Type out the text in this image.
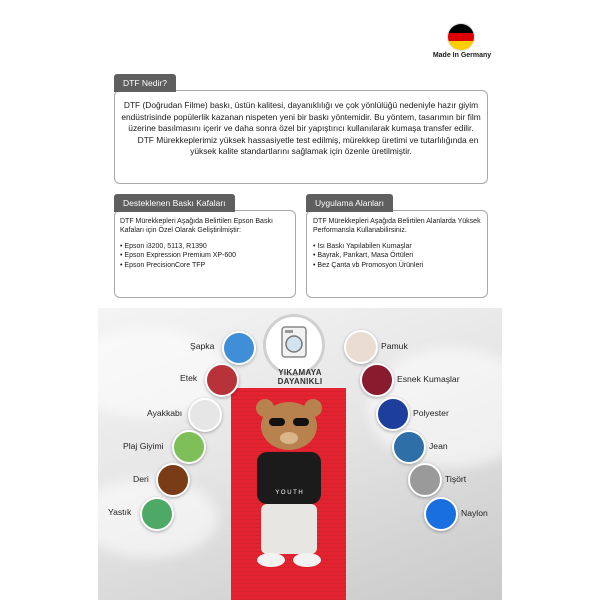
Made In Germany
DTF Nedir?

DTF (Doğrudan Filme) baskı, üstün kalitesi, dayanıklılığı ve çok yönlülüğü nedeniyle hazır giyim endüstrisinde popülerlik kazanan nispeten yeni bir baskı yöntemidir. Bu yöntem, tasarımın bir film üzerine basılmasını içerir ve daha sonra özel bir yapıştırıcı kullanılarak kumaşa transfer edilir.

DTF Mürekkeplerimiz yüksek hassasiyetle test edilmiş, mürekkep üretimi ve tutarlılığında en yüksek kalite standartlarını sağlamak için özenle üretilmiştir.

Desteklenen Baskı Kafaları

DTF Mürekkepleri Aşağıda Belirtilen Epson Baskı Kafaları için Özel Olarak Geliştirilmiştir:

• Epson i3200, 5113, R1390
• Epson Expression Premium XP-600
• Epson PrecisionCore TFP
Uygulama Alanları

DTF Mürekkepleri Aşağıda Belirtilen Alanlarda Yüksek Performansla Kullanabilirsiniz.

• Isı Baskı Yapılabilen Kumaşlar
• Bayrak, Pankart, Masa Örtüleri
• Bez Çanta vb Promosyon Ürünleri
Y O U T H
YIKAMAYA
DAYANIKLI
Şapka
Etek
Ayakkabı
Plaj Giyimi
Deri
Yastık
Pamuk
Esnek Kumaşlar
Polyester
Jean
Tişört
Naylon
